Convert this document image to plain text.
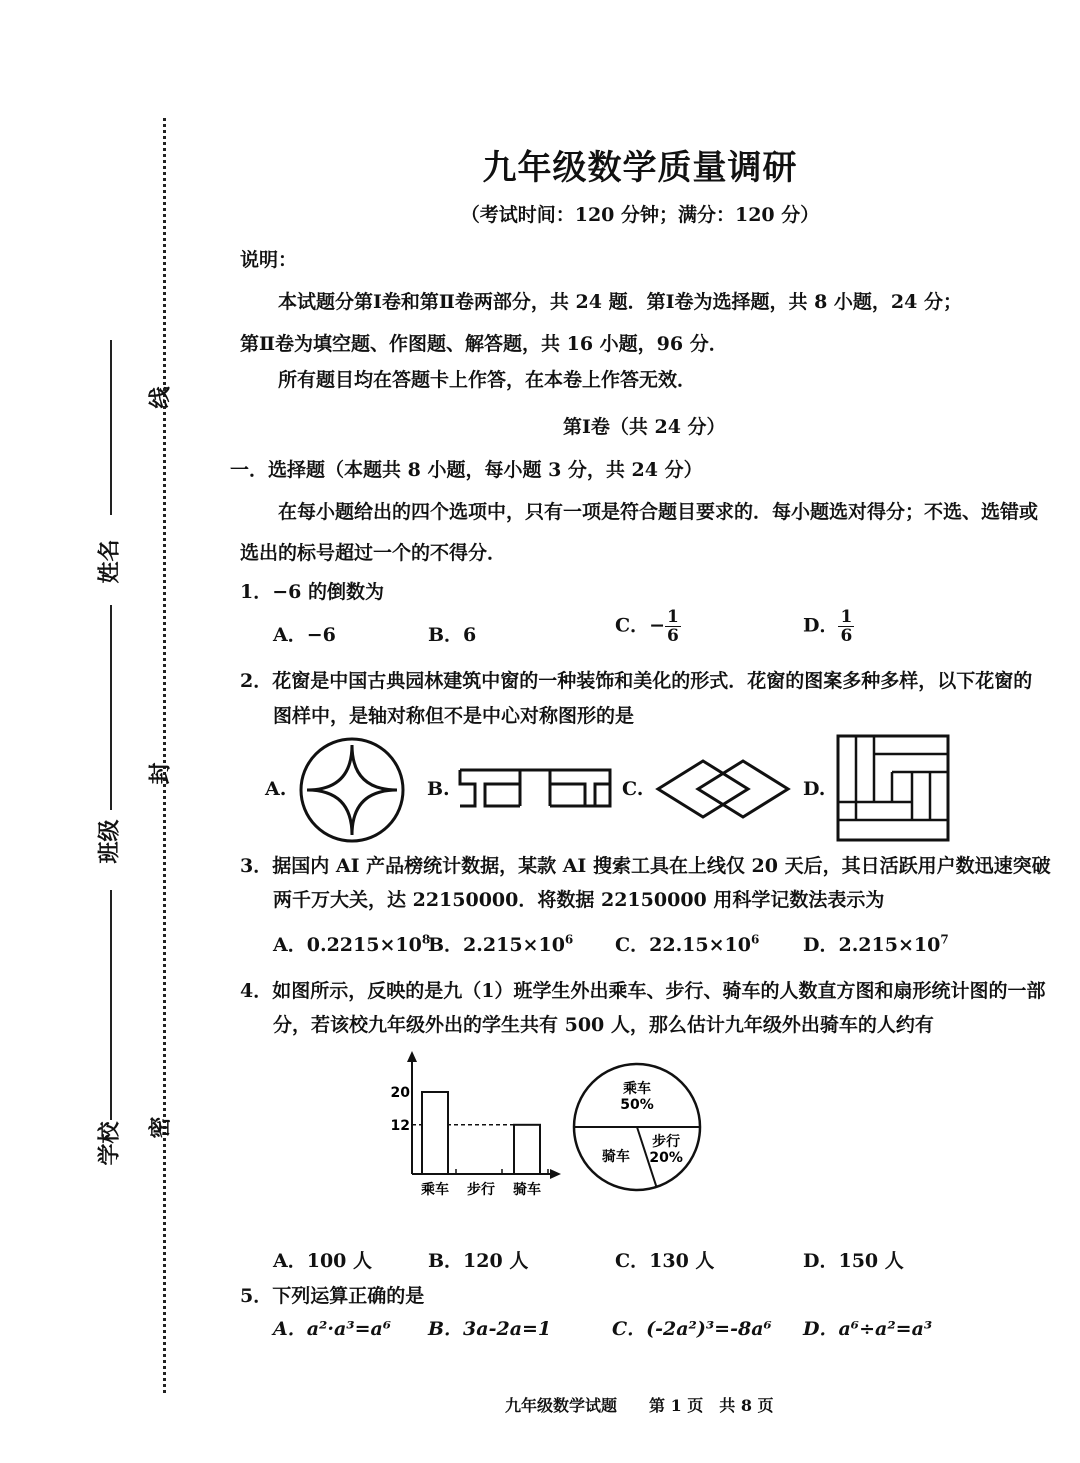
密
封
线
姓名
班级
学校
九年级数学质量调研
（考试时间：120 分钟；满分：120 分）
说明：
本试题分第Ⅰ卷和第Ⅱ卷两部分，共 24 题．第Ⅰ卷为选择题，共 8 小题，24 分；
第Ⅱ卷为填空题、作图题、解答题，共 16 小题，96 分．
所有题目均在答题卡上作答，在本卷上作答无效．
第Ⅰ卷（共 24 分）
一．选择题（本题共 8 小题，每小题 3 分，共 24 分）
在每小题给出的四个选项中，只有一项是符合题目要求的．每小题选对得分；不选、选错或
选出的标号超过一个的不得分．
1．−6 的倒数为
A．−6	B．6	C．− $\frac{1}{6}$	D． $\frac{1}{6}$
2．花窗是中国古典园林建筑中窗的一种装饰和美化的形式．花窗的图案多种多样，以下花窗的
图样中，是轴对称但不是中心对称图形的是
A.	B.	C.	D.
3．据国内 AI 产品榜统计数据，某款 AI 搜索工具在上线仅 20 天后，其日活跃用户数迅速突破
两千万大关，达 22150000．将数据 22150000 用科学记数法表示为
A．$0.2215\times 10^8$
B．$2.215\times 10^6$ C．$22.15\times 10^6$ D．$2.215\times 10^7$
4．如图所示，反映的是九（1）班学生外出乘车、步行、骑车的人数直方图和扇形统计图的一部
分，若该校九年级外出的学生共有 500 人，那么估计九年级外出骑车的人约有
12
20
乘车 步行 骑车
乘车
50%
步行
20%
骑车
A．100 人	B．120 人	C．130 人	D．150 人
5．下列运算正确的是
A．a²·a³=a⁶ B．3a-2a=1	C．(-2a²)³=-8a⁶ D．a⁶÷a²=a³
九年级数学试题　　第 1 页　共 8 页
